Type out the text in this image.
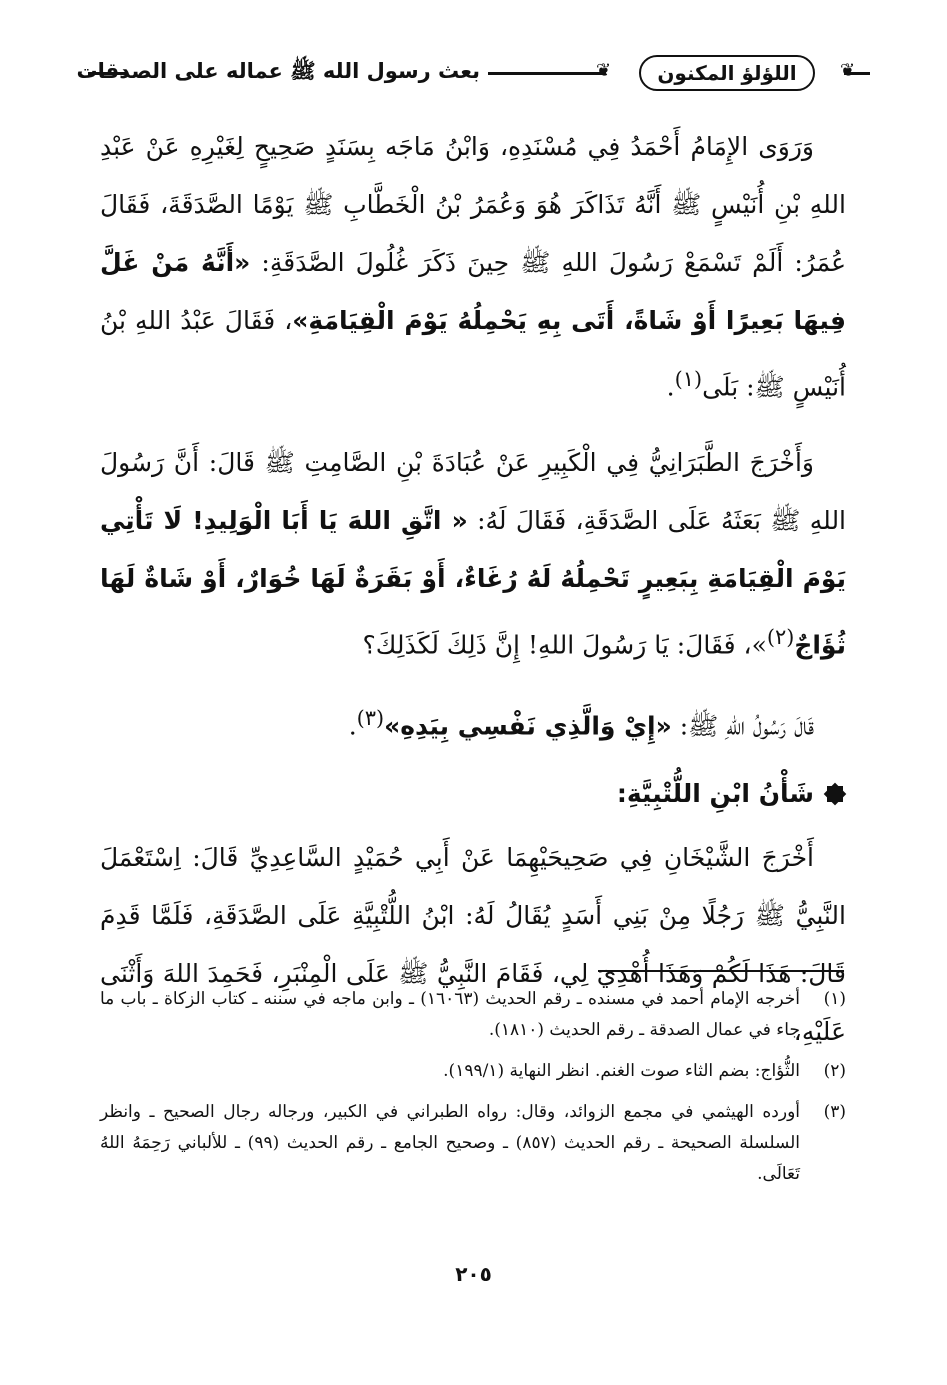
بعث رسول الله ﷺ عماله على الصدقات	❦	اللؤلؤ المكنون	❦

وَرَوَى الإِمَامُ أَحْمَدُ فِي مُسْنَدِهِ، وَابْنُ مَاجَه بِسَنَدٍ صَحِيحٍ لِغَيْرِهِ عَنْ عَبْدِ اللهِ بْنِ أُنَيْسٍ ﷺ أَنَّهُ تَذَاكَرَ هُوَ وَعُمَرُ بْنُ الْخَطَّابِ ﷺ يَوْمًا الصَّدَقَةَ، فَقَالَ عُمَرُ: أَلَمْ تَسْمَعْ رَسُولَ اللهِ ﷺ حِينَ ذَكَرَ غُلُولَ الصَّدَقَةِ: «أَنَّهُ مَنْ غَلَّ فِيهَا بَعِيرًا أَوْ شَاةً، أَتَى بِهِ يَحْمِلُهُ يَوْمَ الْقِيَامَةِ»، فَقَالَ عَبْدُ اللهِ بْنُ أُنَيْسٍ ﷺ: بَلَى$^{(١)}$.

وَأَخْرَجَ الطَّبَرَانِيُّ فِي الْكَبِيرِ عَنْ عُبَادَةَ بْنِ الصَّامِتِ ﷺ قَالَ: أَنَّ رَسُولَ اللهِ ﷺ بَعَثَهُ عَلَى الصَّدَقَةِ، فَقَالَ لَهُ: « اتَّقِ اللهَ يَا أَبَا الْوَلِيدِ! لَا تَأْتِي يَوْمَ الْقِيَامَةِ بِبَعِيرٍ تَحْمِلُهُ لَهُ رُغَاءٌ، أَوْ بَقَرَةٌ لَهَا خُوَارٌ، أَوْ شَاةٌ لَهَا ثُؤَاجٌ$^{(٢)}$»، فَقَالَ: يَا رَسُولَ اللهِ! إِنَّ ذَلِكَ لَكَذَلِكَ؟

قَالَ رَسُولُ اللهِ ﷺ: «إِيْ وَالَّذِي نَفْسِي بِيَدِهِ»$^{(٣)}$.

شَأْنُ ابْنِ اللُّتْبِيَّةِ:

أَخْرَجَ الشَّيْخَانِ فِي صَحِيحَيْهِمَا عَنْ أَبِي حُمَيْدٍ السَّاعِدِيِّ قَالَ: اِسْتَعْمَلَ النَّبِيُّ ﷺ رَجُلًا مِنْ بَنِي أَسَدٍ يُقَالُ لَهُ: ابْنُ اللُّتْبِيَّةِ عَلَى الصَّدَقَةِ، فَلَمَّا قَدِمَ قَالَ: هَذَا لَكُمْ وَهَذَا أُهْدِيَ لِي، فَقَامَ النَّبِيُّ ﷺ عَلَى الْمِنْبَرِ، فَحَمِدَ اللهَ وَأَثْنَى عَلَيْهِ،

(١)
أخرجه الإمام أحمد في مسنده ـ رقم الحديث (١٦٠٦٣) ـ وابن ماجه في سننه ـ كتاب الزكاة ـ باب ما جاء في عمال الصدقة ـ رقم الحديث (١٨١٠).
(٢)
الثُّؤاج: بضم الثاء صوت الغنم. انظر النهاية (١٩٩/١).
(٣)
أورده الهيثمي في مجمع الزوائد، وقال: رواه الطبراني في الكبير، ورجاله رجال الصحيح ـ وانظر السلسلة الصحيحة ـ رقم الحديث (٨٥٧) ـ وصحيح الجامع ـ رقم الحديث (٩٩) ـ للألباني رَحِمَهُ اللهُ تَعَالَى.
٢٠٥
